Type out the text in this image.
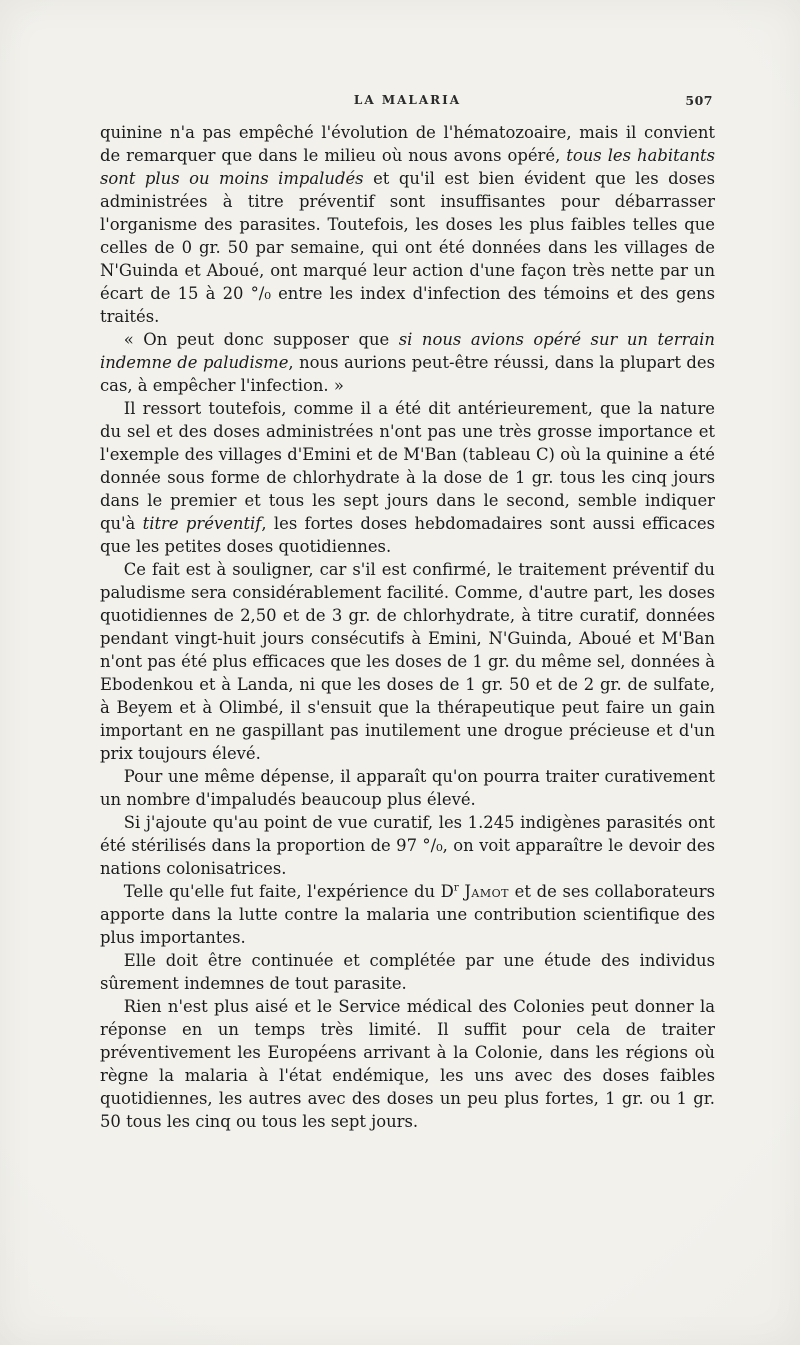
LA MALARIA	507

quinine n'a pas empêché l'évolution de l'hématozoaire, mais il convient de remarquer que dans le milieu où nous avons opéré, tous les habitants sont plus ou moins impaludés et qu'il est bien évident que les doses administrées à titre préventif sont insuffisantes pour débarrasser l'organisme des parasites. Toutefois, les doses les plus faibles telles que celles de 0 gr. 50 par semaine, qui ont été données dans les villages de N'Guinda et Aboué, ont marqué leur action d'une façon très nette par un écart de 15 à 20 °/₀ entre les index d'infection des témoins et des gens traités.

« On peut donc supposer que si nous avions opéré sur un terrain indemne de paludisme, nous aurions peut-être réussi, dans la plupart des cas, à empêcher l'infection. »

Il ressort toutefois, comme il a été dit antérieurement, que la nature du sel et des doses administrées n'ont pas une très grosse importance et l'exemple des villages d'Emini et de M'Ban (tableau C) où la quinine a été donnée sous forme de chlorhydrate à la dose de 1 gr. tous les cinq jours dans le premier et tous les sept jours dans le second, semble indiquer qu'à titre préventif, les fortes doses hebdomadaires sont aussi efficaces que les petites doses quotidiennes.

Ce fait est à souligner, car s'il est confirmé, le traitement préventif du paludisme sera considérablement facilité. Comme, d'autre part, les doses quotidiennes de 2,50 et de 3 gr. de chlorhydrate, à titre curatif, données pendant vingt-huit jours consécutifs à Emini, N'Guinda, Aboué et M'Ban n'ont pas été plus efficaces que les doses de 1 gr. du même sel, données à Ebodenkou et à Landa, ni que les doses de 1 gr. 50 et de 2 gr. de sulfate, à Beyem et à Olimbé, il s'ensuit que la thérapeutique peut faire un gain important en ne gaspillant pas inutilement une drogue précieuse et d'un prix toujours élevé.

Pour une même dépense, il apparaît qu'on pourra traiter curativement un nombre d'impaludés beaucoup plus élevé.

Si j'ajoute qu'au point de vue curatif, les 1.245 indigènes parasités ont été stérilisés dans la proportion de 97 °/₀, on voit apparaître le devoir des nations colonisatrices.

Telle qu'elle fut faite, l'expérience du $D^r$ Jamot et de ses collaborateurs apporte dans la lutte contre la malaria une contribution scientifique des plus importantes.

Elle doit être continuée et complétée par une étude des individus sûrement indemnes de tout parasite.

Rien n'est plus aisé et le Service médical des Colonies peut donner la réponse en un temps très limité. Il suffit pour cela de traiter préventivement les Européens arrivant à la Colonie, dans les régions où règne la malaria à l'état endémique, les uns avec des doses faibles quotidiennes, les autres avec des doses un peu plus fortes, 1 gr. ou 1 gr. 50 tous les cinq ou tous les sept jours.
